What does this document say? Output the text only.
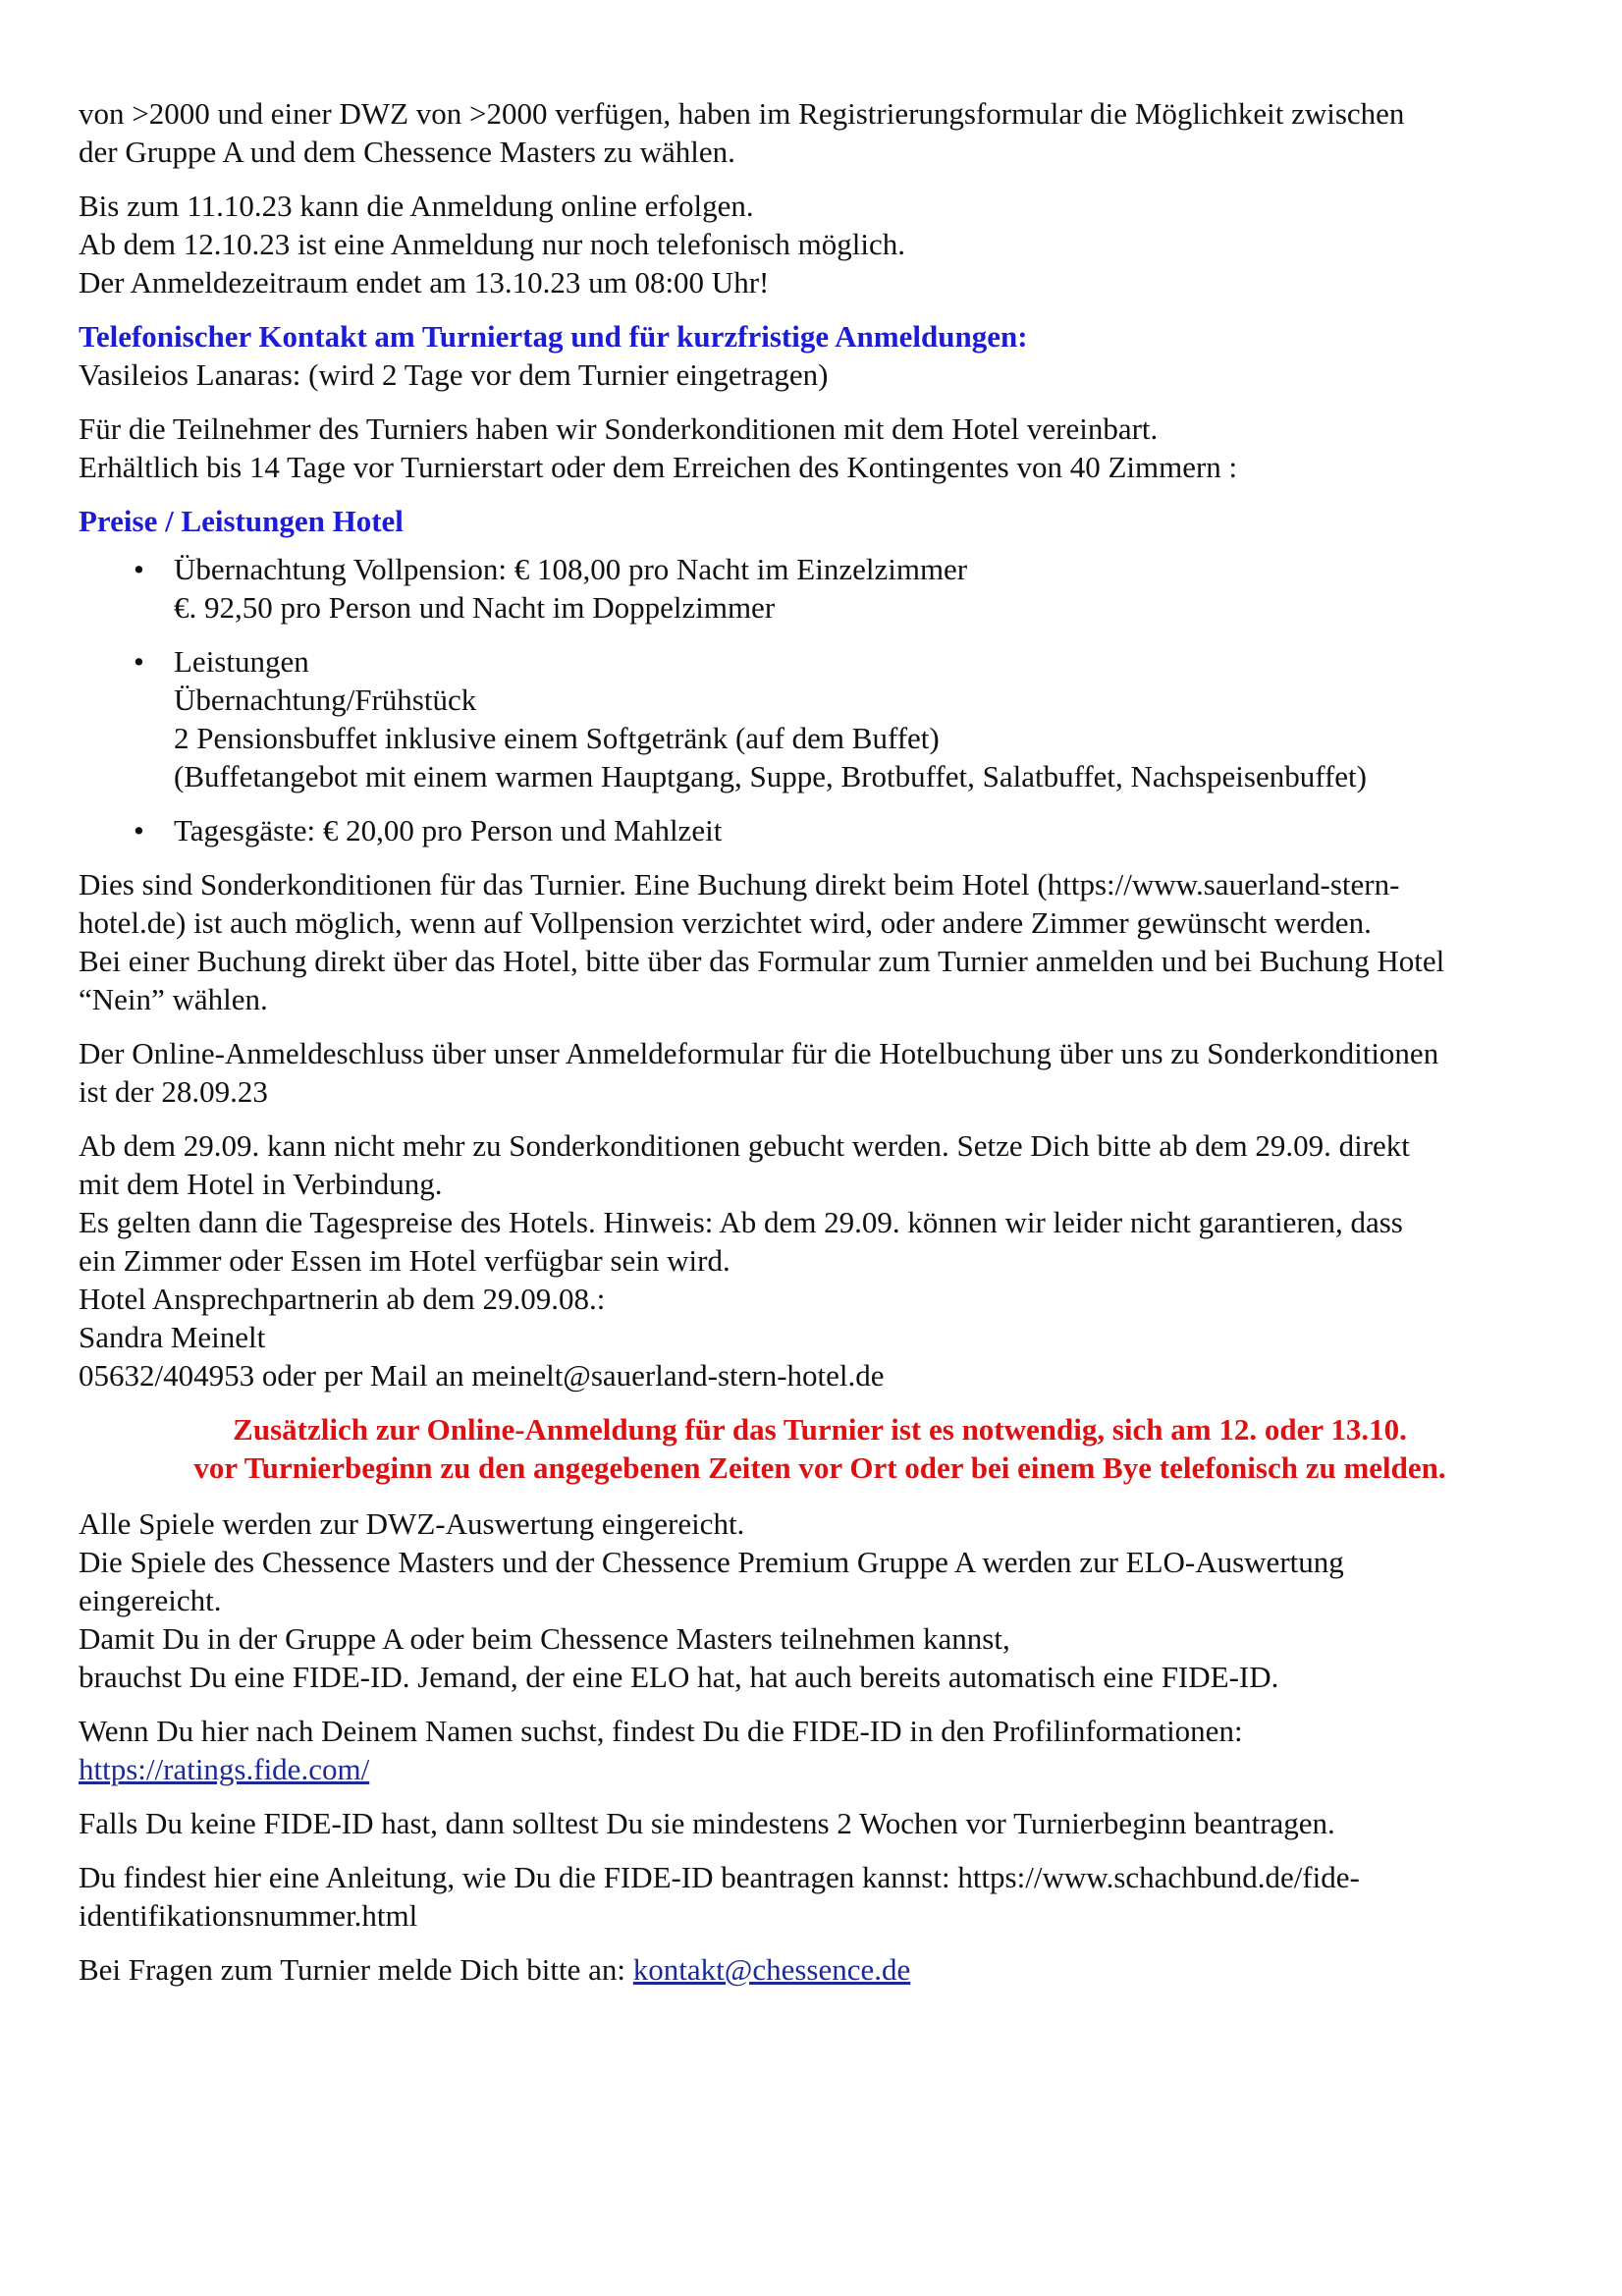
von >2000 und einer DWZ von >2000 verfügen, haben im Registrierungsformular die Möglichkeit zwischen
der Gruppe A und dem Chessence Masters zu wählen.

Bis zum 11.10.23 kann die Anmeldung online erfolgen.
Ab dem 12.10.23 ist eine Anmeldung nur noch telefonisch möglich.
Der Anmeldezeitraum endet am 13.10.23 um 08:00 Uhr!

Telefonischer Kontakt am Turniertag und für kurzfristige Anmeldungen:
Vasileios Lanaras: (wird 2 Tage vor dem Turnier eingetragen)

Für die Teilnehmer des Turniers haben wir Sonderkonditionen mit dem Hotel vereinbart.
Erhältlich bis 14 Tage vor Turnierstart oder dem Erreichen des Kontingentes von 40 Zimmern :

Preise / Leistungen Hotel

• Übernachtung Vollpension: € 108,00 pro Nacht im Einzelzimmer
€. 92,50 pro Person und Nacht im Doppelzimmer
• Leistungen
Übernachtung/Frühstück
2 Pensionsbuffet inklusive einem Softgetränk (auf dem Buffet)
(Buffetangebot mit einem warmen Hauptgang, Suppe, Brotbuffet, Salatbuffet, Nachspeisenbuffet)
• Tagesgäste: € 20,00 pro Person und Mahlzeit

Dies sind Sonderkonditionen für das Turnier. Eine Buchung direkt beim Hotel (https://www.sauerland-stern-
hotel.de) ist auch möglich, wenn auf Vollpension verzichtet wird, oder andere Zimmer gewünscht werden.
Bei einer Buchung direkt über das Hotel, bitte über das Formular zum Turnier anmelden und bei Buchung Hotel
“Nein” wählen.

Der Online-Anmeldeschluss über unser Anmeldeformular für die Hotelbuchung über uns zu Sonderkonditionen
ist der 28.09.23

Ab dem 29.09. kann nicht mehr zu Sonderkonditionen gebucht werden. Setze Dich bitte ab dem 29.09. direkt
mit dem Hotel in Verbindung.
Es gelten dann die Tagespreise des Hotels. Hinweis: Ab dem 29.09. können wir leider nicht garantieren, dass
ein Zimmer oder Essen im Hotel verfügbar sein wird.
Hotel Ansprechpartnerin ab dem 29.09.08.:
Sandra Meinelt
05632/404953 oder per Mail an meinelt@sauerland-stern-hotel.de

Zusätzlich zur Online-Anmeldung für das Turnier ist es notwendig, sich am 12. oder 13.10.
vor Turnierbeginn zu den angegebenen Zeiten vor Ort oder bei einem Bye telefonisch zu melden.

Alle Spiele werden zur DWZ-Auswertung eingereicht.
Die Spiele des Chessence Masters und der Chessence Premium Gruppe A werden zur ELO-Auswertung
eingereicht.
Damit Du in der Gruppe A oder beim Chessence Masters teilnehmen kannst,
brauchst Du eine FIDE-ID. Jemand, der eine ELO hat, hat auch bereits automatisch eine FIDE-ID.

Wenn Du hier nach Deinem Namen suchst, findest Du die FIDE-ID in den Profilinformationen:
https://ratings.fide.com/

Falls Du keine FIDE-ID hast, dann solltest Du sie mindestens 2 Wochen vor Turnierbeginn beantragen.

Du findest hier eine Anleitung, wie Du die FIDE-ID beantragen kannst: https://www.schachbund.de/fide-
identifikationsnummer.html

Bei Fragen zum Turnier melde Dich bitte an: kontakt@chessence.de
